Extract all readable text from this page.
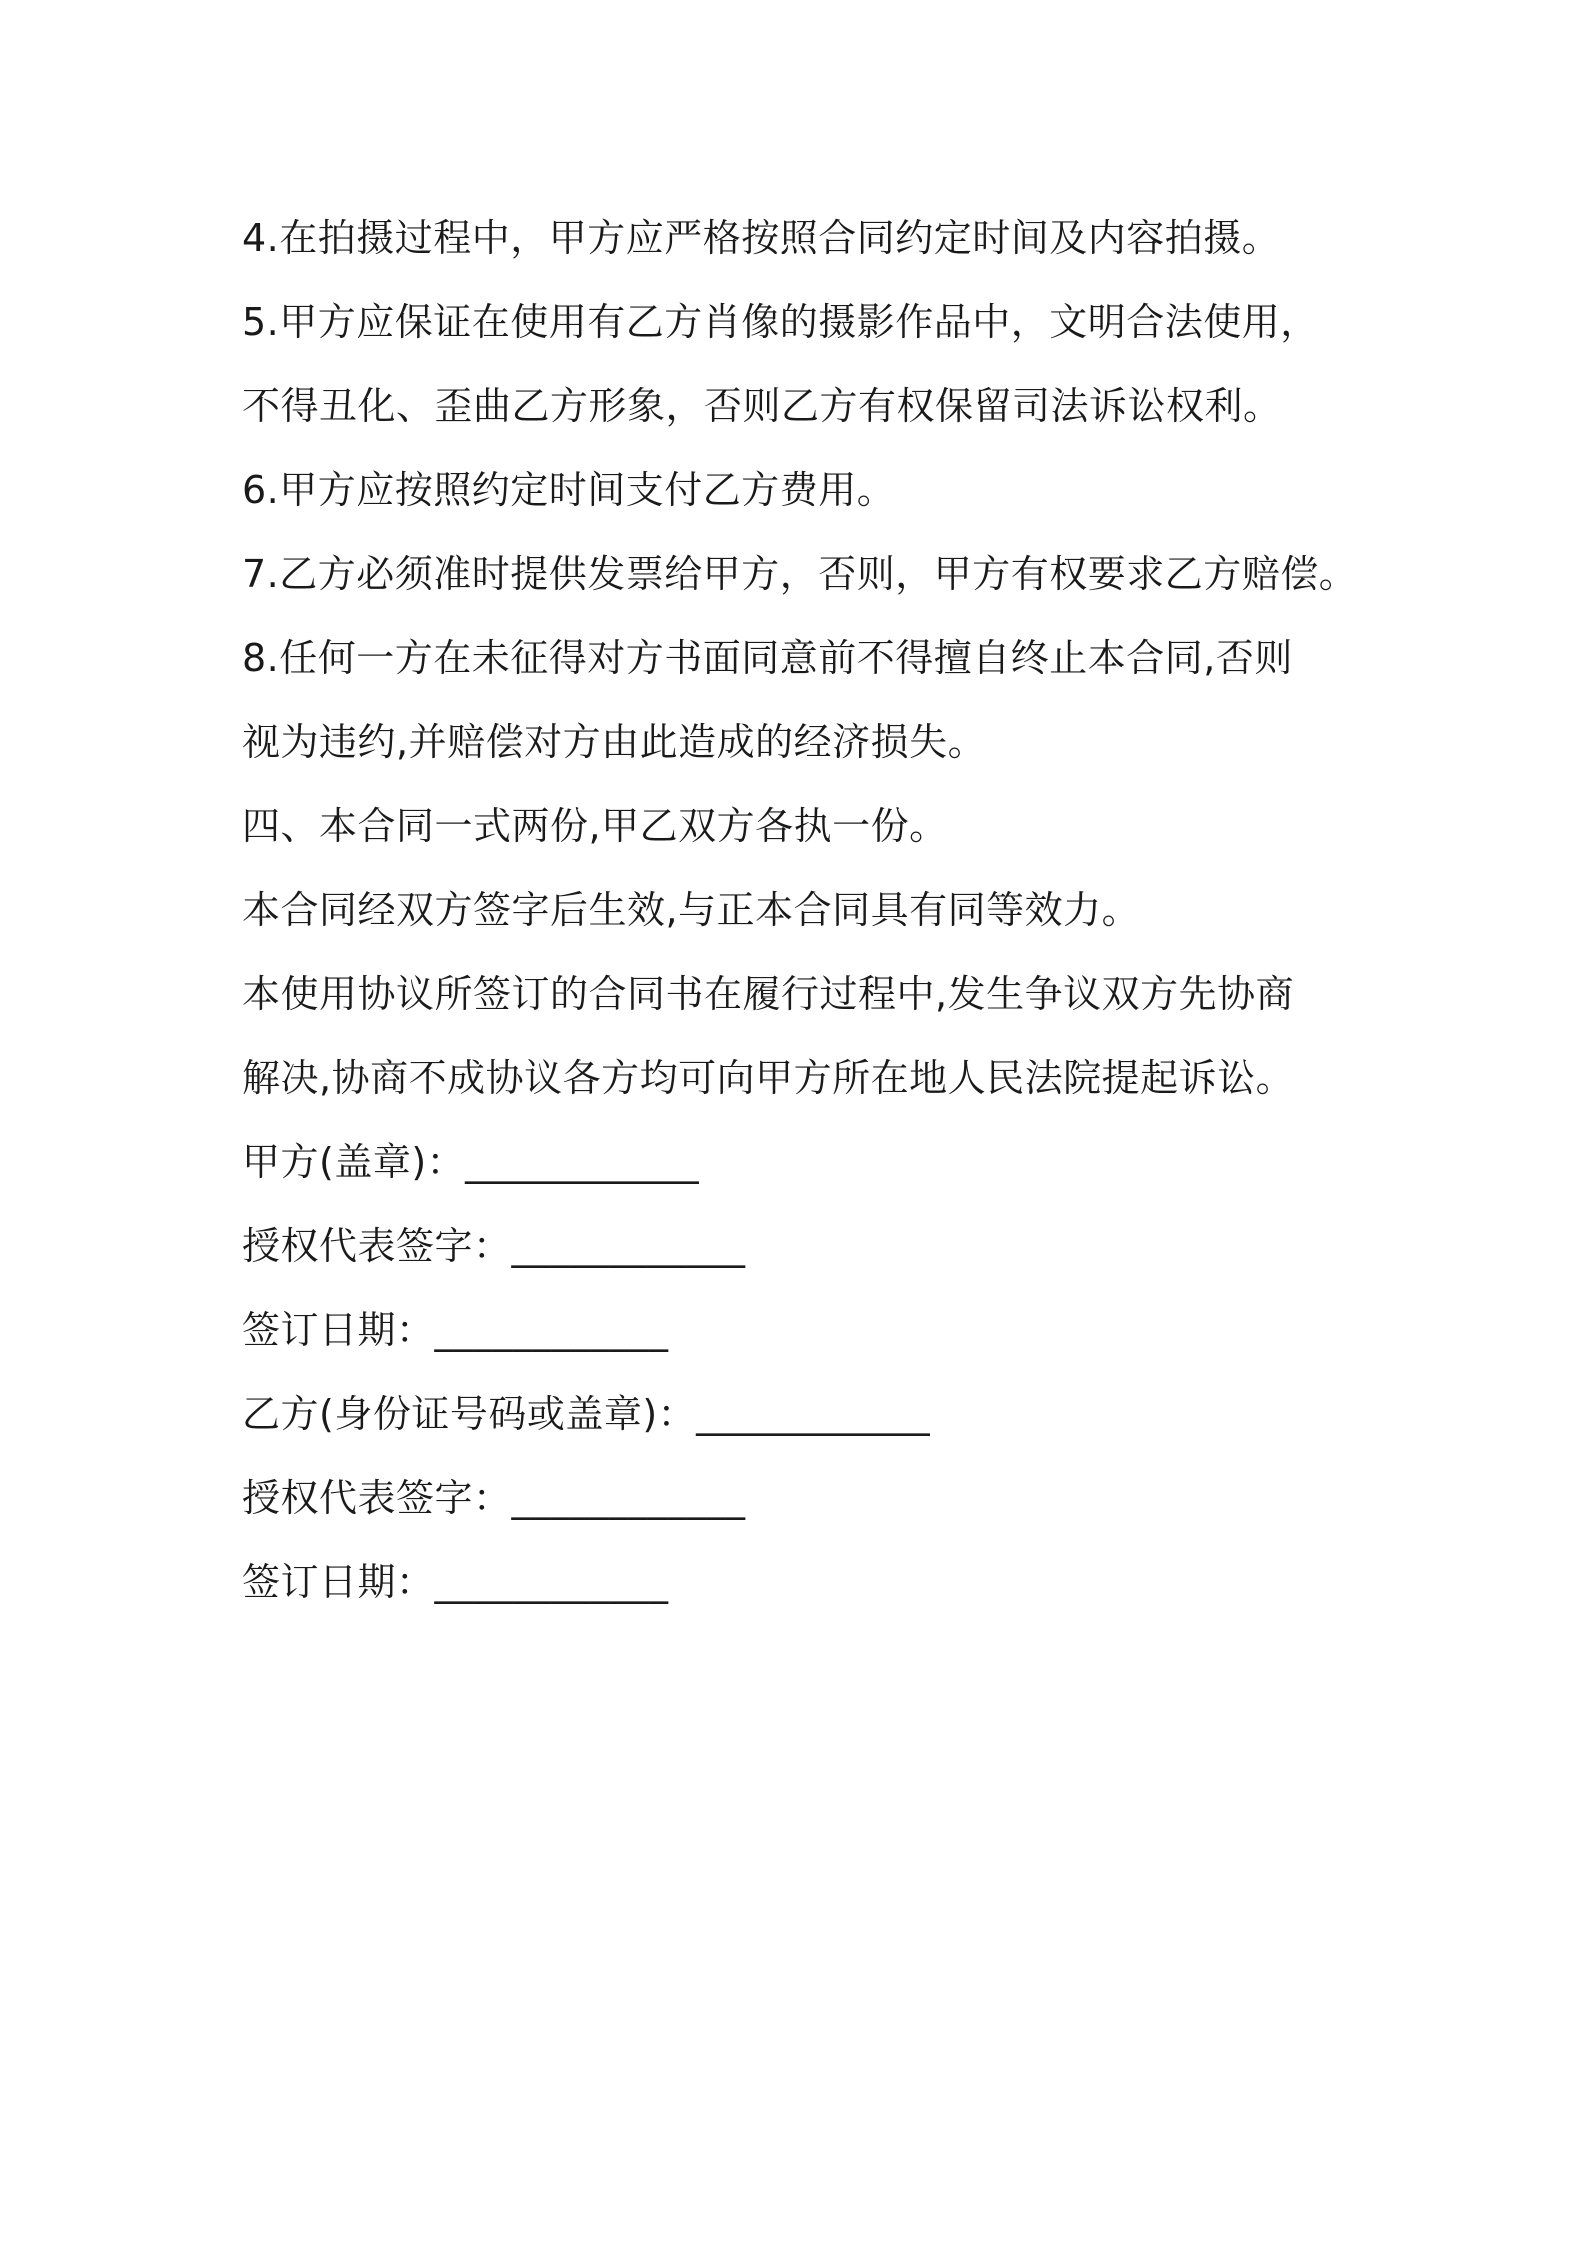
4.在拍摄过程中，甲方应严格按照合同约定时间及内容拍摄。
5.甲方应保证在使用有乙方肖像的摄影作品中，文明合法使用，
不得丑化、歪曲乙方形象，否则乙方有权保留司法诉讼权利。
6.甲方应按照约定时间支付乙方费用。
7.乙方必须准时提供发票给甲方，否则，甲方有权要求乙方赔偿。
8.任何一方在未征得对方书面同意前不得擅自终止本合同,否则
视为违约,并赔偿对方由此造成的经济损失。
四、本合同一式两份,甲乙双方各执一份。
本合同经双方签字后生效,与正本合同具有同等效力。
本使用协议所签订的合同书在履行过程中,发生争议双方先协商
解决,协商不成协议各方均可向甲方所在地人民法院提起诉讼。
甲方(盖章)：____________
授权代表签字：____________
签订日期：____________
乙方(身份证号码或盖章)：____________
授权代表签字：____________
签订日期：____________
